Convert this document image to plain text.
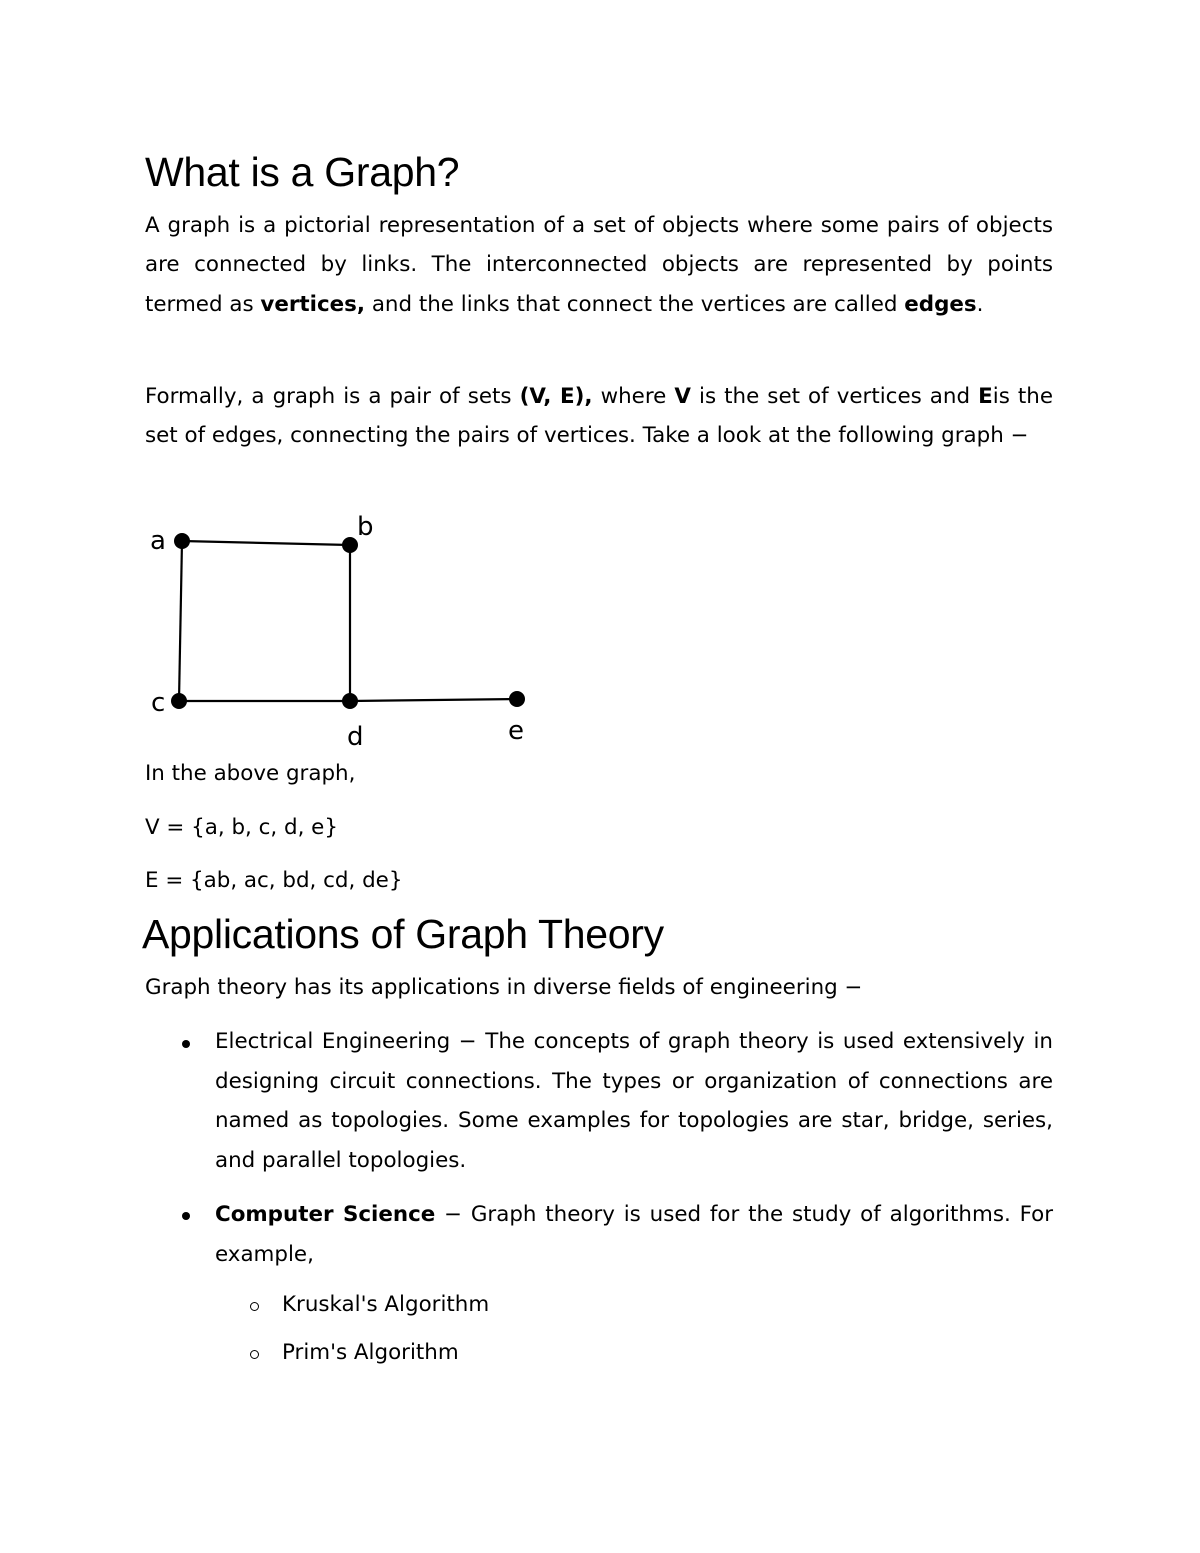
What is a Graph?

A graph is a pictorial representation of a set of objects where some pairs of objects are connected by links. The interconnected objects are represented by points termed as vertices, and the links that connect the vertices are called edges.

Formally, a graph is a pair of sets (V, E), where V is the set of vertices and Eis the set of edges, connecting the pairs of vertices. Take a look at the following graph −

In the above graph,

V = {a, b, c, d, e}

E = {ab, ac, bd, cd, de}

Applications of Graph Theory

Graph theory has its applications in diverse fields of engineering −

Electrical Engineering − The concepts of graph theory is used extensively in designing circuit connections. The types or organization of connections are named as topologies. Some examples for topologies are star, bridge, series, and parallel topologies.

Computer Science − Graph theory is used for the study of algorithms. For example,

Kruskal's Algorithm

Prim's Algorithm

a	b
c
d	e
